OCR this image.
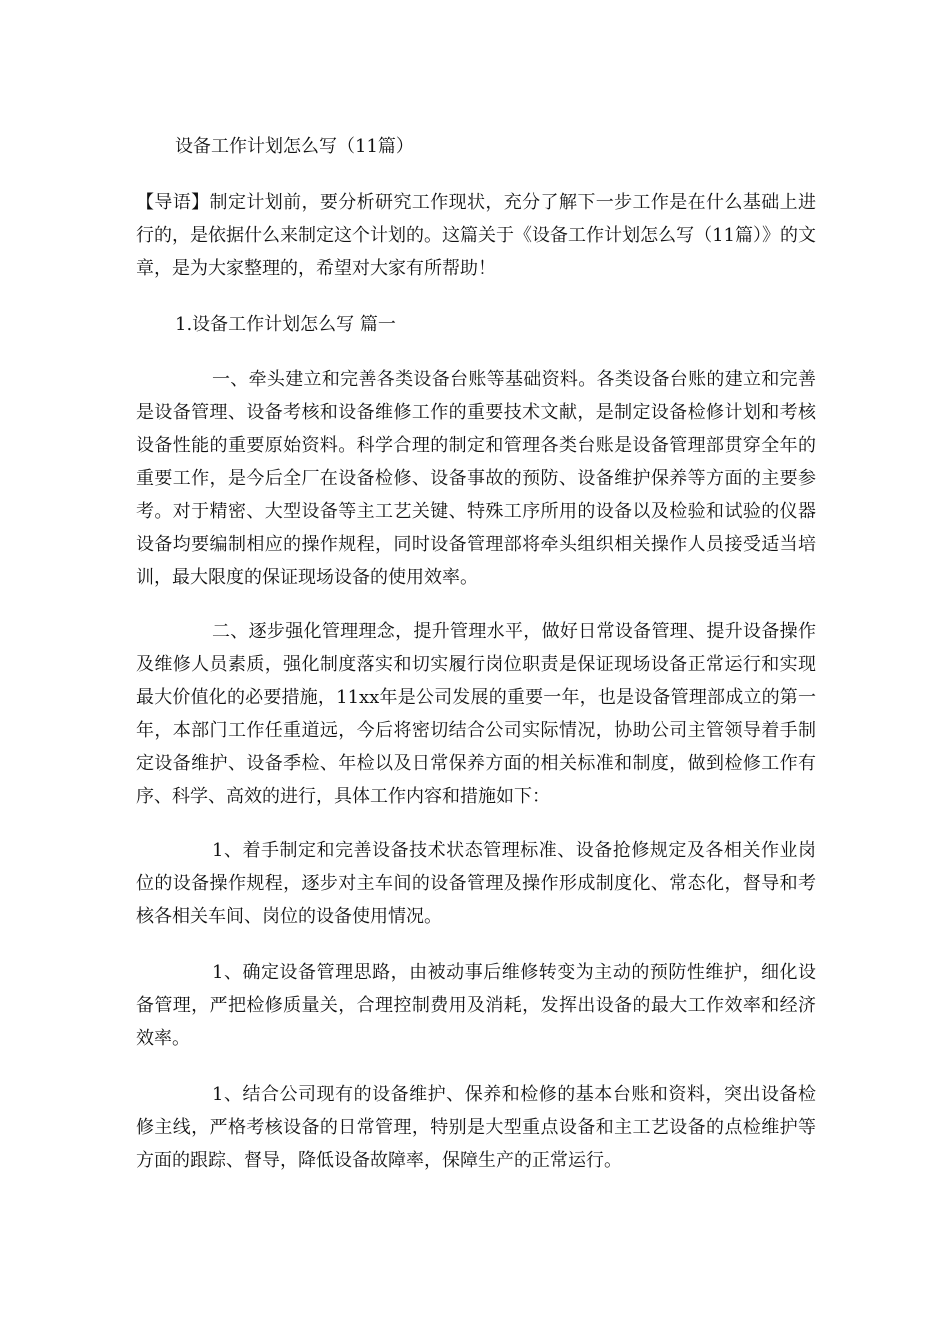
设备工作计划怎么写（11篇）

【导语】制定计划前，要分析研究工作现状，充分了解下一步工作是在什么基础上进行的，是依据什么来制定这个计划的。这篇关于《设备工作计划怎么写（11篇）》的文章，是为大家整理的，希望对大家有所帮助！

1.设备工作计划怎么写 篇一

一、牵头建立和完善各类设备台账等基础资料。各类设备台账的建立和完善是设备管理、设备考核和设备维修工作的重要技术文献，是制定设备检修计划和考核设备性能的重要原始资料。科学合理的制定和管理各类台账是设备管理部贯穿全年的重要工作，是今后全厂在设备检修、设备事故的预防、设备维护保养等方面的主要参考。对于精密、大型设备等主工艺关键、特殊工序所用的设备以及检验和试验的仪器设备均要编制相应的操作规程，同时设备管理部将牵头组织相关操作人员接受适当培训，最大限度的保证现场设备的使用效率。

二、逐步强化管理理念，提升管理水平，做好日常设备管理、提升设备操作及维修人员素质，强化制度落实和切实履行岗位职责是保证现场设备正常运行和实现最大价值化的必要措施，11xx年是公司发展的重要一年，也是设备管理部成立的第一年，本部门工作任重道远，今后将密切结合公司实际情况，协助公司主管领导着手制定设备维护、设备季检、年检以及日常保养方面的相关标准和制度，做到检修工作有序、科学、高效的进行，具体工作内容和措施如下：

1、着手制定和完善设备技术状态管理标准、设备抢修规定及各相关作业岗位的设备操作规程，逐步对主车间的设备管理及操作形成制度化、常态化，督导和考核各相关车间、岗位的设备使用情况。

1、确定设备管理思路，由被动事后维修转变为主动的预防性维护，细化设备管理，严把检修质量关，合理控制费用及消耗，发挥出设备的最大工作效率和经济效率。

1、结合公司现有的设备维护、保养和检修的基本台账和资料，突出设备检修主线，严格考核设备的日常管理，特别是大型重点设备和主工艺设备的点检维护等方面的跟踪、督导，降低设备故障率，保障生产的正常运行。
